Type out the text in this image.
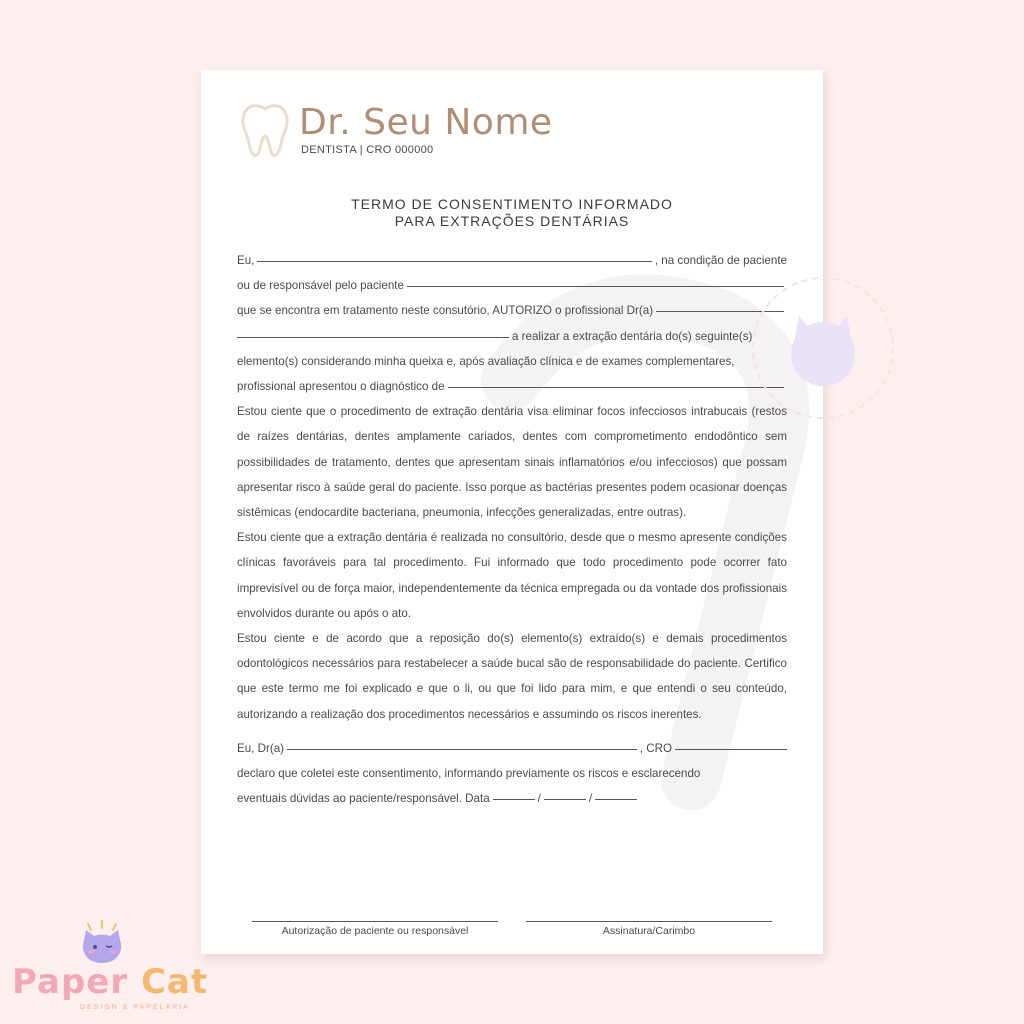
Dr. Seu Nome
DENTISTA | CRO 000000
TERMO DE CONSENTIMENTO INFORMADO
PARA EXTRAÇÕES DENTÁRIAS
Eu,	, na condição de paciente
ou de responsável pelo paciente
que se encontra em tratamento neste consutório, AUTORIZO o profissional Dr(a)
a realizar a extração dentária do(s) seguinte(s)
elemento(s) considerando minha queixa e, após avaliação clínica e de exames complementares,
profissional apresentou o diagnóstico de
Estou ciente que o procedimento de extração dentária visa eliminar focos infecciosos intrabucais (restos de raízes dentárias, dentes amplamente cariados, dentes com comprometimento endodôntico sem possibilidades de tratamento, dentes que apresentam sinais inflamatórios e/ou infecciosos) que possam apresentar risco à saúde geral do paciente. Isso porque as bactérias presentes podem ocasionar doenças sistêmicas (endocardite bacteriana, pneumonia, infecções generalizadas, entre outras).
Estou ciente que a extração dentária é realizada no consultório, desde que o mesmo apresente condições clínicas favoráveis para tal procedimento. Fui informado que todo procedimento pode ocorrer fato imprevisível ou de força maior, independentemente da técnica empregada ou da vontade dos profissionais envolvidos durante ou após o ato.
Estou ciente e de acordo que a reposição do(s) elemento(s) extraído(s) e demais procedimentos odontológicos necessários para restabelecer a saúde bucal são de responsabilidade do paciente. Certifico que este termo me foi explicado e que o li, ou que foi lido para mim, e que entendi o seu conteúdo, autorizando a realização dos procedimentos necessários e assumindo os riscos inerentes.
Eu, Dr(a)	, CRO
declaro que coletei este consentimento, informando previamente os riscos e esclarecendo
eventuais dúvidas ao paciente/responsável. Data	/	/
Autorização de paciente ou responsável	Assinatura/Carimbo
Paper Cat
DESIGN & PAPELARIA
